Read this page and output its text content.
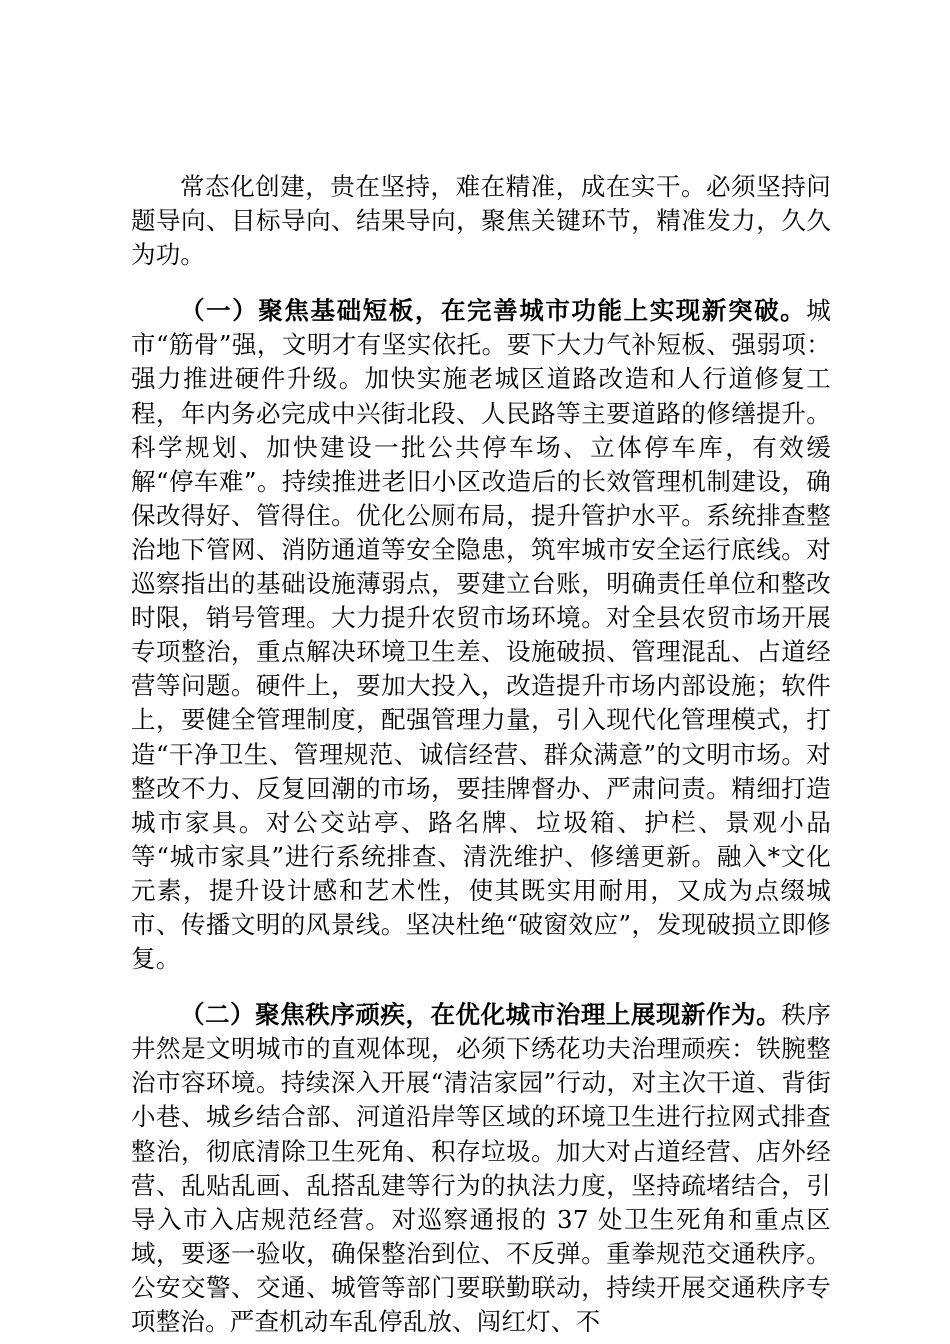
常态化创建，贵在坚持，难在精准，成在实干。必须坚持问题导向、目标导向、结果导向，聚焦关键环节，精准发力，久久为功。

（一）聚焦基础短板，在完善城市功能上实现新突破。城市“筋骨”强，文明才有坚实依托。要下大力气补短板、强弱项：强力推进硬件升级。加快实施老城区道路改造和人行道修复工程，年内务必完成中兴街北段、人民路等主要道路的修缮提升。科学规划、加快建设一批公共停车场、立体停车库，有效缓解“停车难”。持续推进老旧小区改造后的长效管理机制建设，确保改得好、管得住。优化公厕布局，提升管护水平。系统排查整治地下管网、消防通道等安全隐患，筑牢城市安全运行底线。对巡察指出的基础设施薄弱点，要建立台账，明确责任单位和整改时限，销号管理。大力提升农贸市场环境。对全县农贸市场开展专项整治，重点解决环境卫生差、设施破损、管理混乱、占道经营等问题。硬件上，要加大投入，改造提升市场内部设施；软件上，要健全管理制度，配强管理力量，引入现代化管理模式，打造“干净卫生、管理规范、诚信经营、群众满意”的文明市场。对整改不力、反复回潮的市场，要挂牌督办、严肃问责。精细打造城市家具。对公交站亭、路名牌、垃圾箱、护栏、景观小品等“城市家具”进行系统排查、清洗维护、修缮更新。融入*文化元素，提升设计感和艺术性，使其既实用耐用，又成为点缀城市、传播文明的风景线。坚决杜绝“破窗效应”，发现破损立即修复。

（二）聚焦秩序顽疾，在优化城市治理上展现新作为。秩序井然是文明城市的直观体现，必须下绣花功夫治理顽疾：铁腕整治市容环境。持续深入开展“清洁家园”行动，对主次干道、背街小巷、城乡结合部、河道沿岸等区域的环境卫生进行拉网式排查整治，彻底清除卫生死角、积存垃圾。加大对占道经营、店外经营、乱贴乱画、乱搭乱建等行为的执法力度，坚持疏堵结合，引导入市入店规范经营。对巡察通报的 37 处卫生死角和重点区域，要逐一验收，确保整治到位、不反弹。重拳规范交通秩序。公安交警、交通、城管等部门要联勤联动，持续开展交通秩序专项整治。严查机动车乱停乱放、闯红灯、不
